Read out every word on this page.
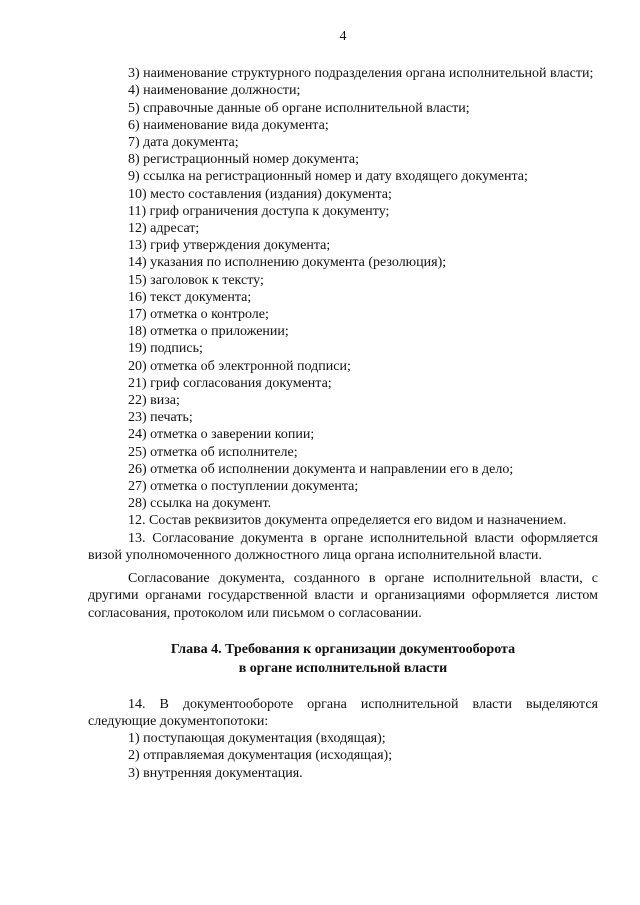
4
3) наименование структурного подразделения органа исполнительной власти;
4) наименование должности;
5) справочные данные об органе исполнительной власти;
6) наименование вида документа;
7) дата документа;
8) регистрационный номер документа;
9) ссылка на регистрационный номер и дату входящего документа;
10) место составления (издания) документа;
11) гриф ограничения доступа к документу;
12) адресат;
13) гриф утверждения документа;
14) указания по исполнению документа (резолюция);
15) заголовок к тексту;
16) текст документа;
17) отметка о контроле;
18) отметка о приложении;
19) подпись;
20) отметка об электронной подписи;
21) гриф согласования документа;
22) виза;
23) печать;
24) отметка о заверении копии;
25) отметка об исполнителе;
26) отметка об исполнении документа и направлении его в дело;
27) отметка о поступлении документа;
28) ссылка на документ.

12. Состав реквизитов документа определяется его видом и назначением.

13. Согласование документа в органе исполнительной власти оформляется визой уполномоченного должностного лица органа исполнительной власти.

Согласование документа, созданного в органе исполнительной власти, с другими органами государственной власти и организациями оформляется листом согласования, протоколом или письмом о согласовании.

Глава 4. Требования к организации документооборота
в органе исполнительной власти

14. В документообороте органа исполнительной власти выделяются следующие документопотоки:

1) поступающая документация (входящая);
2) отправляемая документация (исходящая);
3) внутренняя документация.
